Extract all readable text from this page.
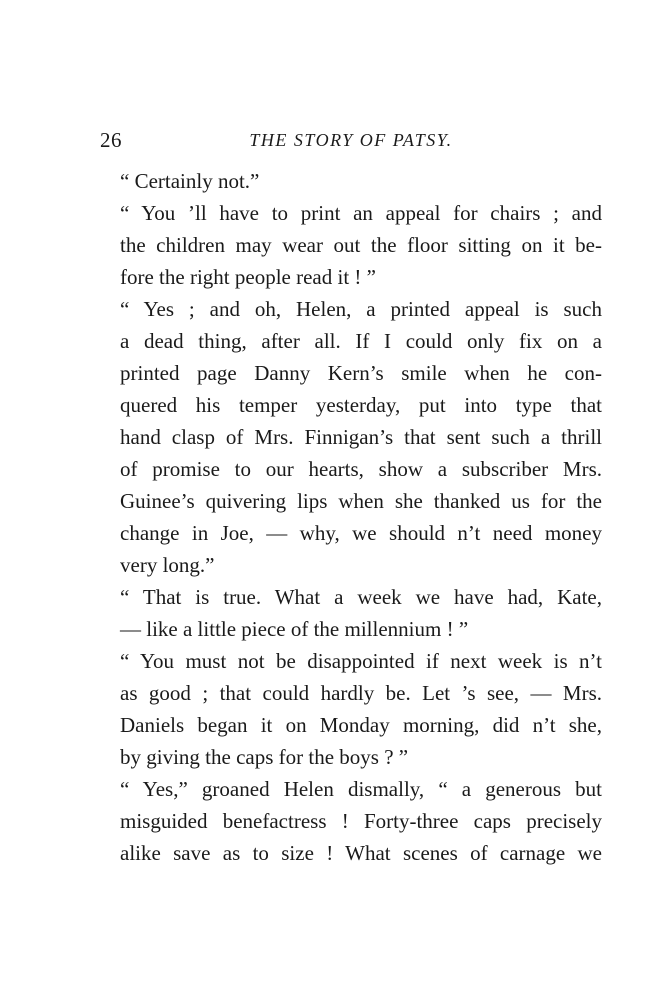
26	THE STORY OF PATSY.

“ Certainly not.”

“ You ’ll have to print an appeal for chairs ; and
the children may wear out the floor sitting on it be-
fore the right people read it ! ”

“ Yes ; and oh, Helen, a printed appeal is such
a dead thing, after all. If I could only fix on a
printed page Danny Kern’s smile when he con-
quered his temper yesterday, put into type that
hand clasp of Mrs. Finnigan’s that sent such a thrill
of promise to our hearts, show a subscriber Mrs.
Guinee’s quivering lips when she thanked us for the
change in Joe, — why, we should n’t need money
very long.”

“ That is true. What a week we have had, Kate,
— like a little piece of the millennium ! ”

“ You must not be disappointed if next week is n’t
as good ; that could hardly be. Let ’s see, — Mrs.
Daniels began it on Monday morning, did n’t she,
by giving the caps for the boys ? ”

“ Yes,” groaned Helen dismally, “ a generous but
misguided benefactress ! Forty-three caps precisely
alike save as to size ! What scenes of carnage we
